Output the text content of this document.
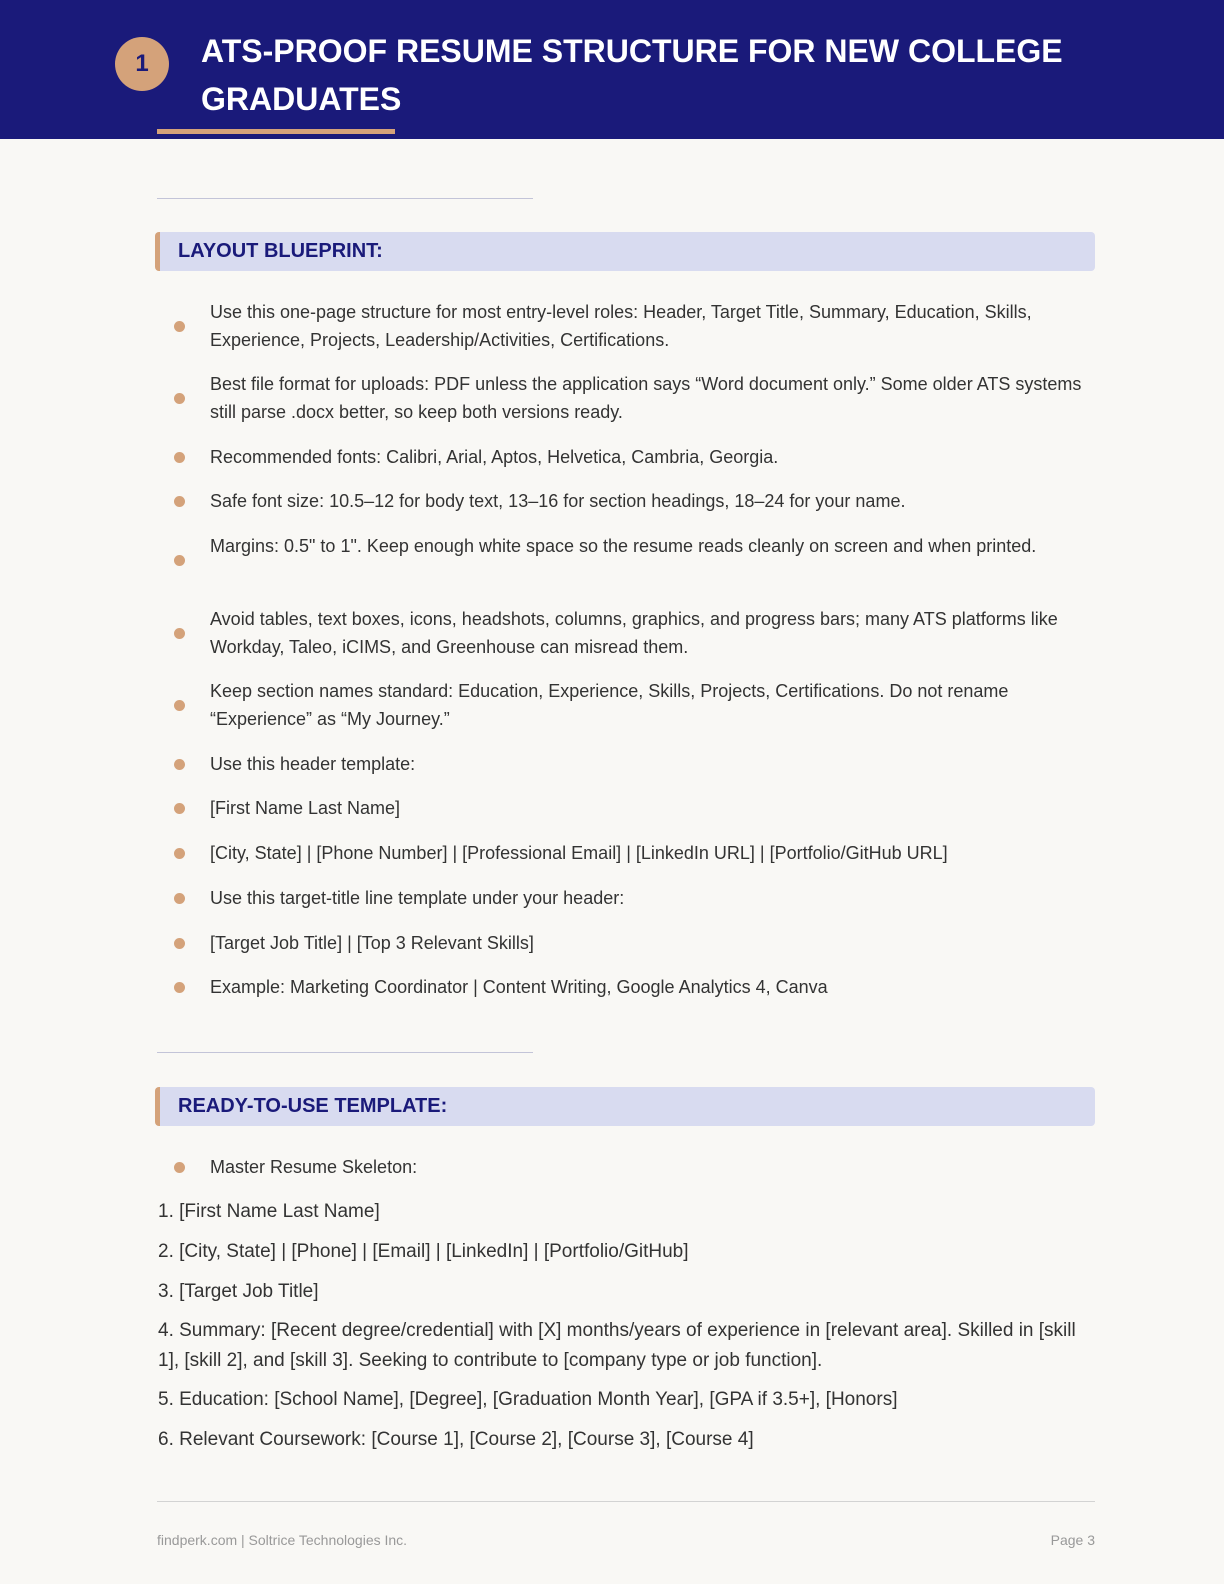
1	ATS-PROOF RESUME STRUCTURE FOR NEW COLLEGE GRADUATES
LAYOUT BLUEPRINT:
Use this one-page structure for most entry-level roles: Header, Target Title, Summary, Education, Skills, Experience, Projects, Leadership/Activities, Certifications.
Best file format for uploads: PDF unless the application says “Word document only.” Some older ATS systems still parse .docx better, so keep both versions ready.
Recommended fonts: Calibri, Arial, Aptos, Helvetica, Cambria, Georgia.
Safe font size: 10.5–12 for body text, 13–16 for section headings, 18–24 for your name.
Margins: 0.5" to 1". Keep enough white space so the resume reads cleanly on screen and when printed.
Avoid tables, text boxes, icons, headshots, columns, graphics, and progress bars; many ATS platforms like Workday, Taleo, iCIMS, and Greenhouse can misread them.
Keep section names standard: Education, Experience, Skills, Projects, Certifications. Do not rename “Experience” as “My Journey.”
Use this header template:
[First Name Last Name]
[City, State] | [Phone Number] | [Professional Email] | [LinkedIn URL] | [Portfolio/GitHub URL]
Use this target-title line template under your header:
[Target Job Title] | [Top 3 Relevant Skills]
Example: Marketing Coordinator | Content Writing, Google Analytics 4, Canva
READY-TO-USE TEMPLATE:
Master Resume Skeleton:
1. [First Name Last Name]
2. [City, State] | [Phone] | [Email] | [LinkedIn] | [Portfolio/GitHub]
3. [Target Job Title]
4. Summary: [Recent degree/credential] with [X] months/years of experience in [relevant area]. Skilled in [skill 1], [skill 2], and [skill 3]. Seeking to contribute to [company type or job function].
5. Education: [School Name], [Degree], [Graduation Month Year], [GPA if 3.5+], [Honors]
6. Relevant Coursework: [Course 1], [Course 2], [Course 3], [Course 4]
findperk.com | Soltrice Technologies Inc.	Page 3
